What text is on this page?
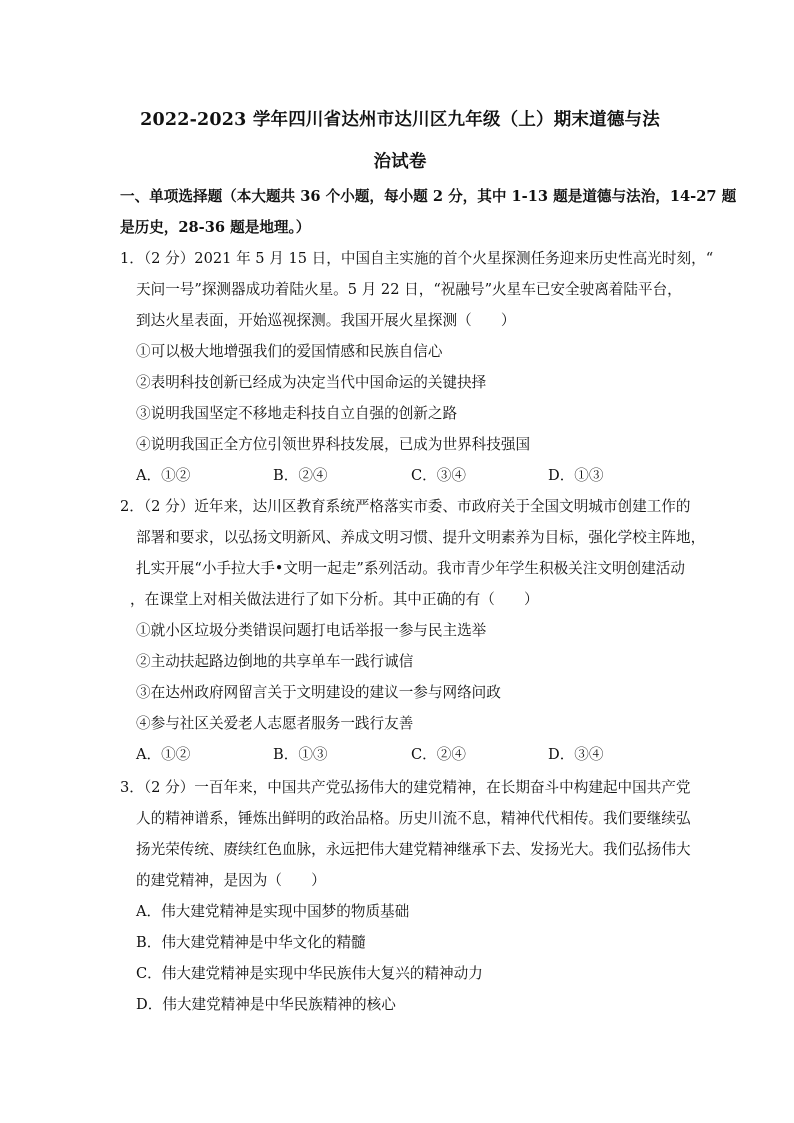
2022-2023 学年四川省达州市达川区九年级（上）期末道德与法
治试卷
一、单项选择题（本大题共 36 个小题，每小题 2 分，其中 1-13 题是道德与法治，14-27 题
是历史，28-36 题是地理。）
1．（2 分）2021 年 5 月 15 日，中国自主实施的首个火星探测任务迎来历史性高光时刻，“
天问一号”探测器成功着陆火星。5 月 22 日，“祝融号”火星车已安全驶离着陆平台，
到达火星表面，开始巡视探测。我国开展火星探测（　　）
①可以极大地增强我们的爱国情感和民族自信心
②表明科技创新已经成为决定当代中国命运的关键抉择
③说明我国坚定不移地走科技自立自强的创新之路
④说明我国正全方位引领世界科技发展，已成为世界科技强国
A．①②	B．②④	C．③④	D．①③
2．（2 分）近年来，达川区教育系统严格落实市委、市政府关于全国文明城市创建工作的
部署和要求，以弘扬文明新风、养成文明习惯、提升文明素养为目标，强化学校主阵地，
扎实开展“小手拉大手•文明一起走”系列活动。我市青少年学生积极关注文明创建活动
，在课堂上对相关做法进行了如下分析。其中正确的有（　　）
①就小区垃圾分类错误问题打电话举报一参与民主选举
②主动扶起路边倒地的共享单车一践行诚信
③在达州政府网留言关于文明建设的建议一参与网络问政
④参与社区关爱老人志愿者服务一践行友善
A．①②	B．①③	C．②④	D．③④
3．（2 分）一百年来，中国共产党弘扬伟大的建党精神，在长期奋斗中构建起中国共产党
人的精神谱系，锤炼出鲜明的政治品格。历史川流不息，精神代代相传。我们要继续弘
扬光荣传统、赓续红色血脉，永远把伟大建党精神继承下去、发扬光大。我们弘扬伟大
的建党精神，是因为（　　）
A．伟大建党精神是实现中国梦的物质基础
B．伟大建党精神是中华文化的精髓
C．伟大建党精神是实现中华民族伟大复兴的精神动力
D．伟大建党精神是中华民族精神的核心
